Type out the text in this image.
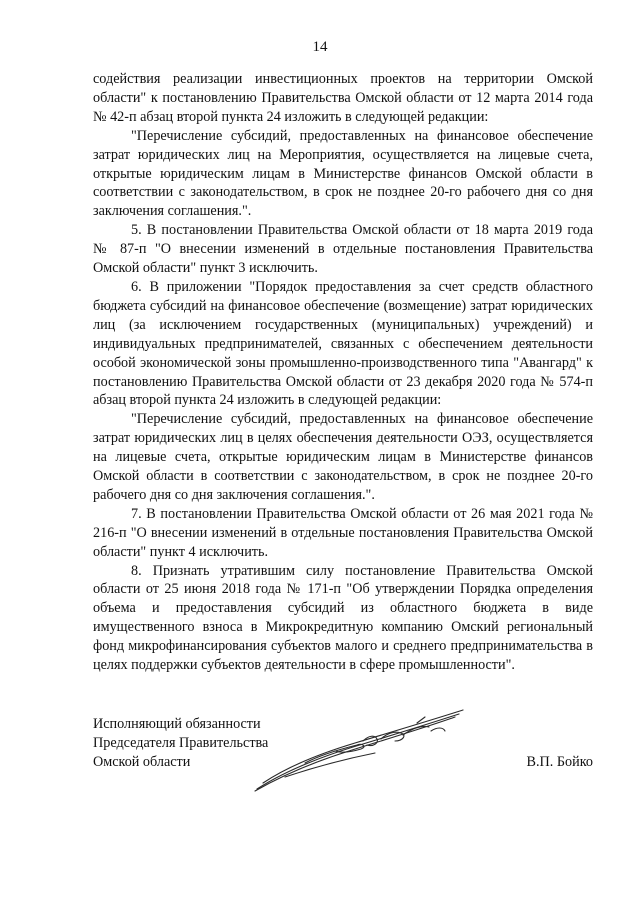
14

содействия реализации инвестиционных проектов на территории Омской области" к постановлению Правительства Омской области от 12 марта 2014 года № 42-п абзац второй пункта 24 изложить в следующей редакции:

"Перечисление субсидий, предоставленных на финансовое обеспечение затрат юридических лиц на Мероприятия, осуществляется на лицевые счета, открытые юридическим лицам в Министерстве финансов Омской области в соответствии с законодательством, в срок не позднее 20-го рабочего дня со дня заключения соглашения.".

5. В постановлении Правительства Омской области от 18 марта 2019 года № 87-п "О внесении изменений в отдельные постановления Правительства Омской области" пункт 3 исключить.

6. В приложении "Порядок предоставления за счет средств областного бюджета субсидий на финансовое обеспечение (возмещение) затрат юридических лиц (за исключением государственных (муниципальных) учреждений) и индивидуальных предпринимателей, связанных с обеспечением деятельности особой экономической зоны промышленно-производственного типа "Авангард" к постановлению Правительства Омской области от 23 декабря 2020 года № 574-п абзац второй пункта 24 изложить в следующей редакции:

"Перечисление субсидий, предоставленных на финансовое обеспечение затрат юридических лиц в целях обеспечения деятельности ОЭЗ, осуществляется на лицевые счета, открытые юридическим лицам в Министерстве финансов Омской области в соответствии с законодательством, в срок не позднее 20-го рабочего дня со дня заключения соглашения.".

7. В постановлении Правительства Омской области от 26 мая 2021 года № 216-п "О внесении изменений в отдельные постановления Правительства Омской области" пункт 4 исключить.

8. Признать утратившим силу постановление Правительства Омской области от 25 июня 2018 года № 171-п "Об утверждении Порядка определения объема и предоставления субсидий из областного бюджета в виде имущественного взноса в Микрокредитную компанию Омский региональный фонд микрофинансирования субъектов малого и среднего предпринимательства в целях поддержки субъектов деятельности в сфере промышленности".

Исполняющий обязанности
Председателя Правительства
Омской области	В.П. Бойко
